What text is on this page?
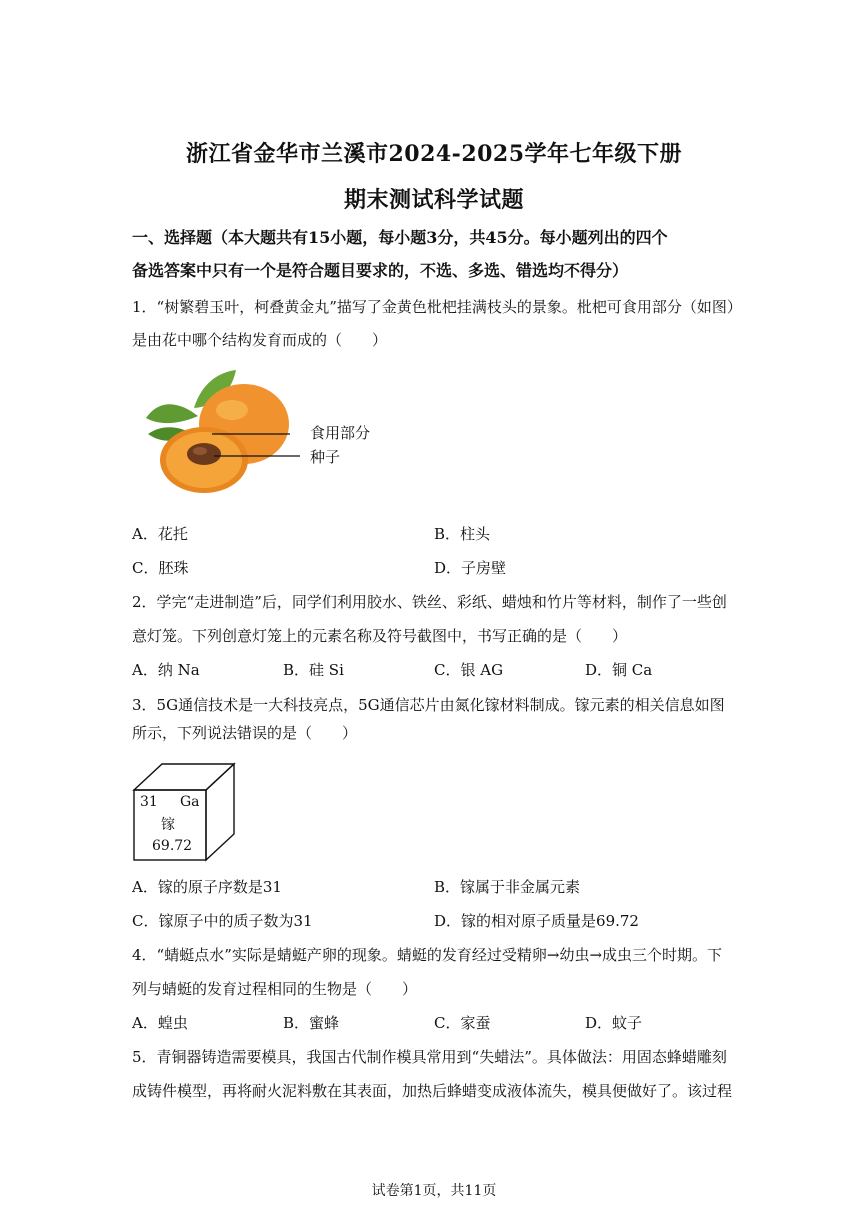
浙江省金华市兰溪市2024-2025学年七年级下册
期末测试科学试题
一、选择题（本大题共有15小题，每小题3分，共45分。每小题列出的四个
备选答案中只有一个是符合题目要求的，不选、多选、错选均不得分）
1．“树繁碧玉叶，柯叠黄金丸”描写了金黄色枇杷挂满枝头的景象。枇杷可食用部分（如图）
是由花中哪个结构发育而成的（　　）
食用部分
种子
A．花托	B．柱头
C．胚珠	D．子房壁
2．学完“走进制造”后，同学们利用胶水、铁丝、彩纸、蜡烛和竹片等材料，制作了一些创
意灯笼。下列创意灯笼上的元素名称及符号截图中，书写正确的是（　　）
A．纳 Na	B．硅 Si	C．银 AG	D．铜 Ca
3．5G通信技术是一大科技亮点，5G通信芯片由氮化镓材料制成。镓元素的相关信息如图
所示，下列说法错误的是（　　）
31 Ga
镓
69.72
A．镓的原子序数是31	B．镓属于非金属元素
C．镓原子中的质子数为31	D．镓的相对原子质量是69.72
4．“蜻蜓点水”实际是蜻蜓产卵的现象。蜻蜓的发育经过受精卵→幼虫→成虫三个时期。下
列与蜻蜓的发育过程相同的生物是（　　）
A．蝗虫	B．蜜蜂	C．家蚕	D．蚊子
5．青铜器铸造需要模具，我国古代制作模具常用到“失蜡法”。具体做法：用固态蜂蜡雕刻
成铸件模型，再将耐火泥料敷在其表面，加热后蜂蜡变成液体流失，模具便做好了。该过程
试卷第1页，共11页
